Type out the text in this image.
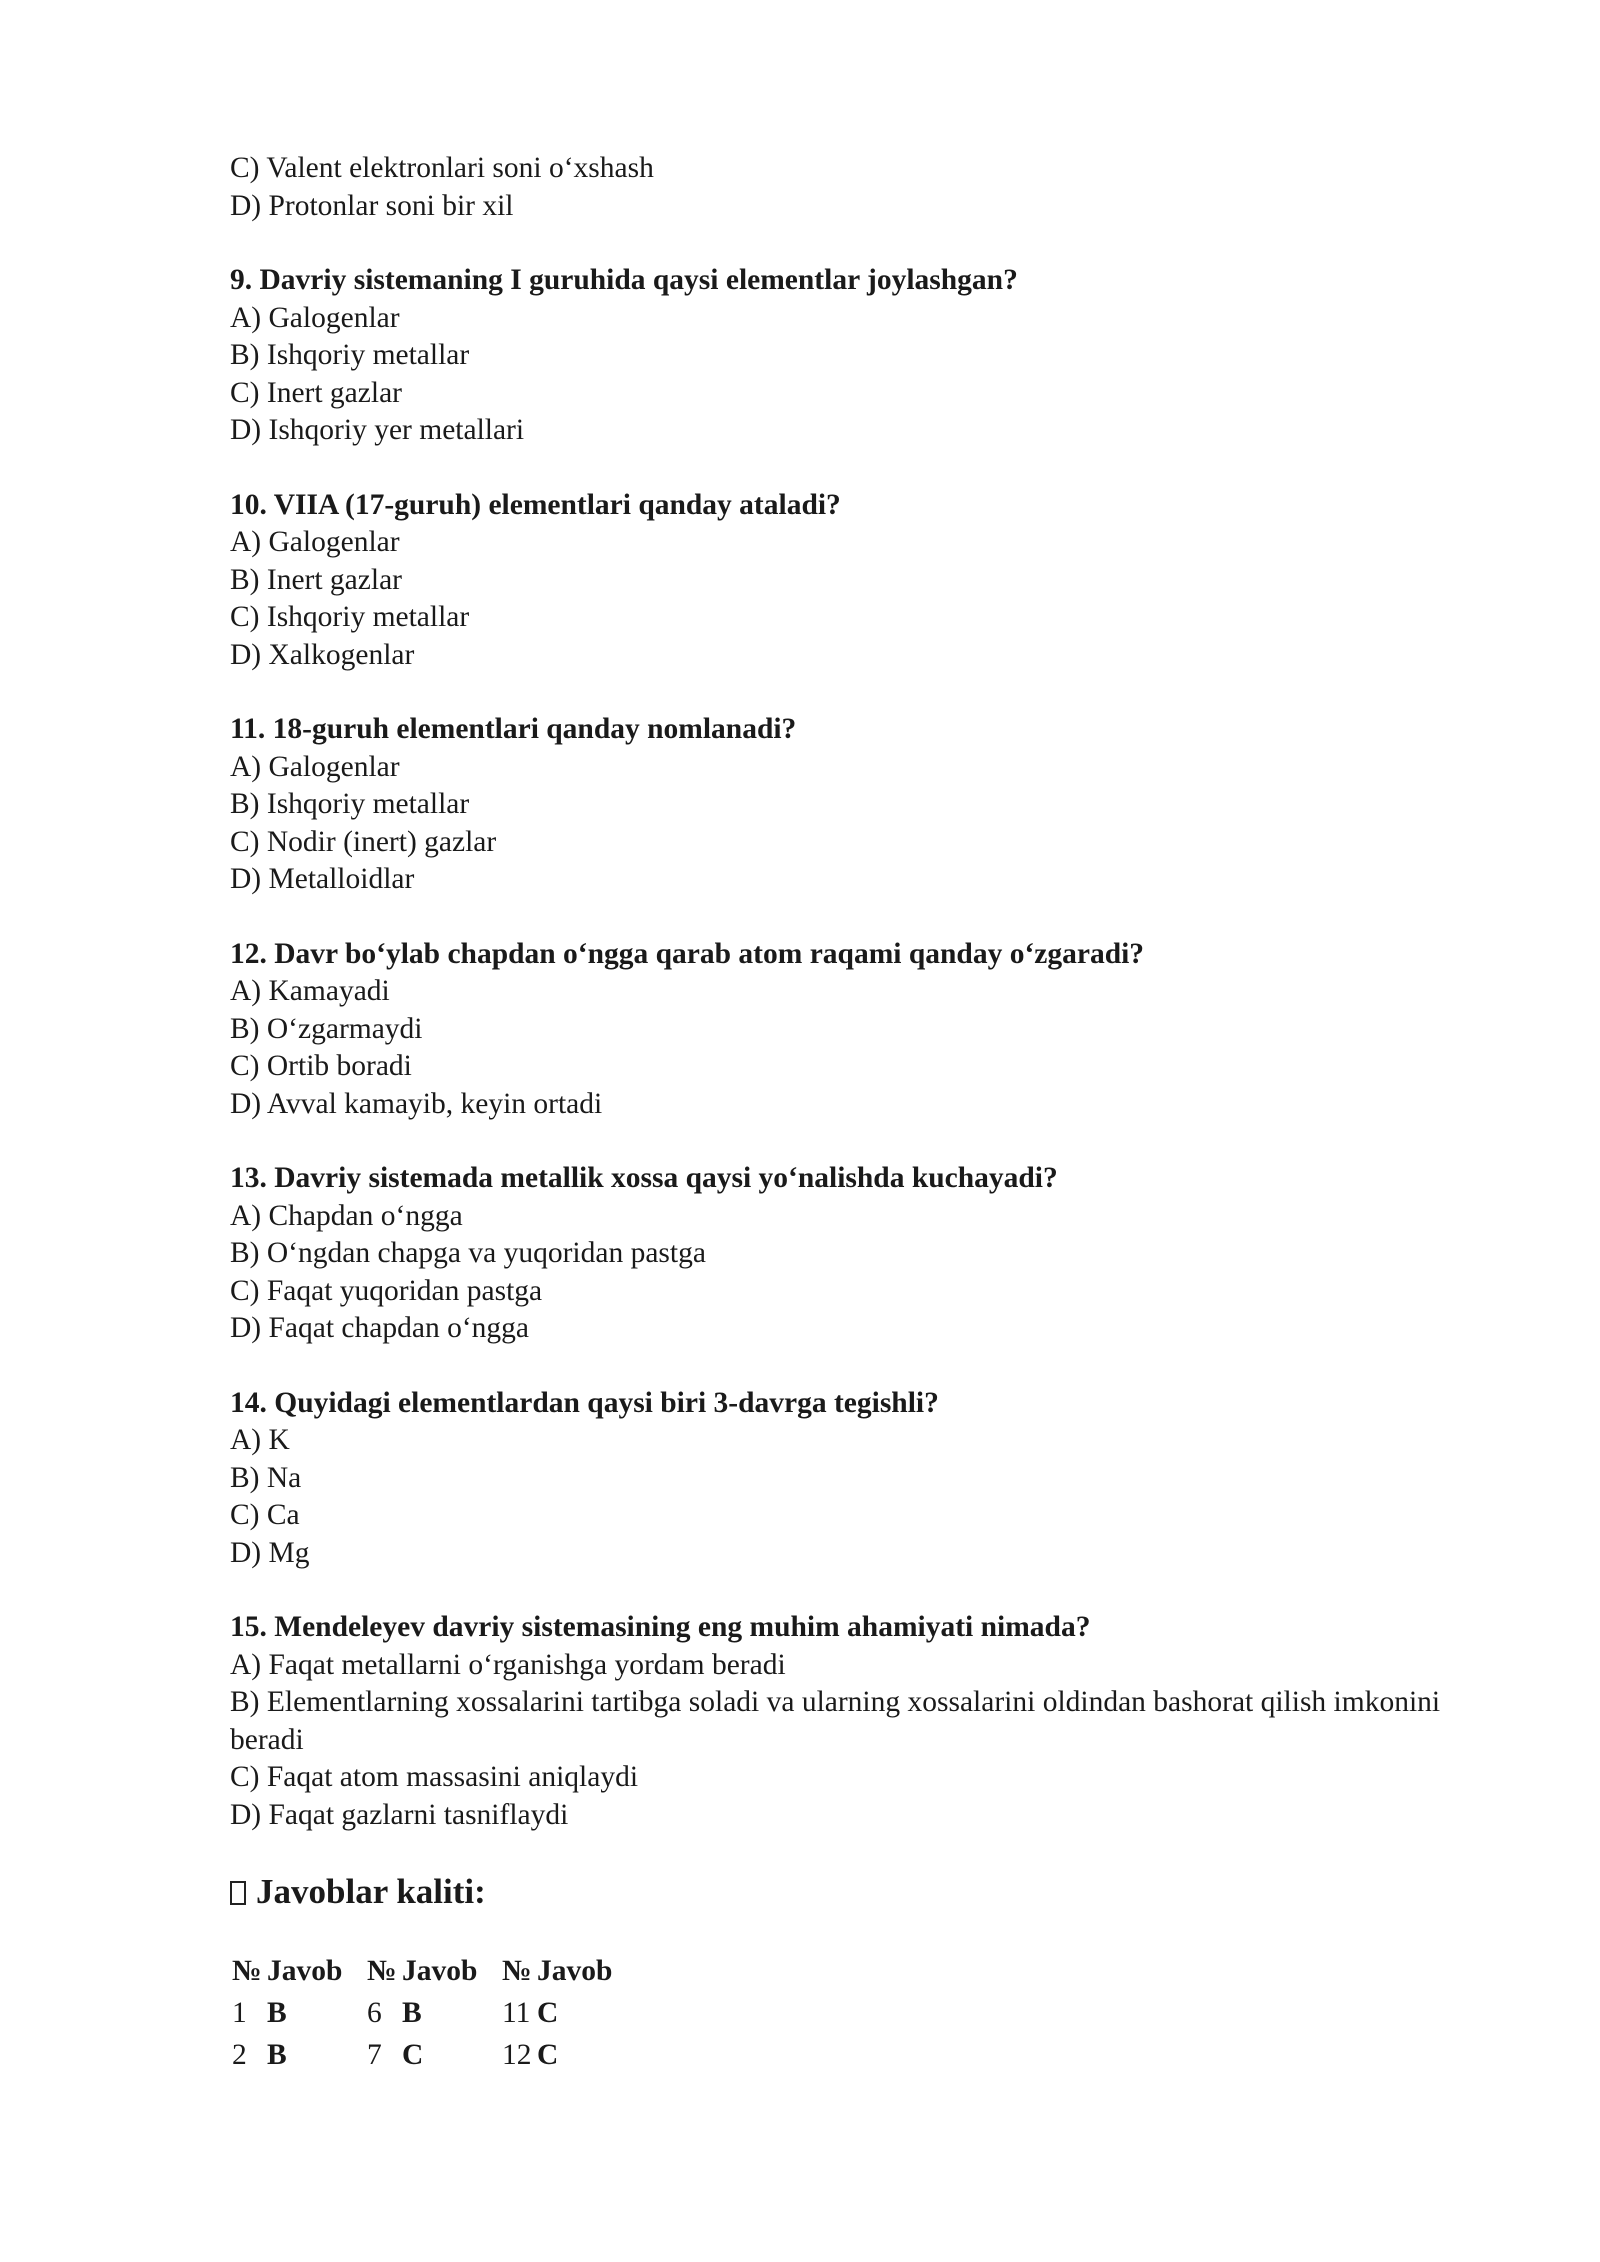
C) Valent elektronlari soni o‘xshash
D) Protonlar soni bir xil
9. Davriy sistemaning I guruhida qaysi elementlar joylashgan?
A) Galogenlar
B) Ishqoriy metallar
C) Inert gazlar
D) Ishqoriy yer metallari
10. VIIA (17-guruh) elementlari qanday ataladi?
A) Galogenlar
B) Inert gazlar
C) Ishqoriy metallar
D) Xalkogenlar
11. 18-guruh elementlari qanday nomlanadi?
A) Galogenlar
B) Ishqoriy metallar
C) Nodir (inert) gazlar
D) Metalloidlar
12. Davr bo‘ylab chapdan o‘ngga qarab atom raqami qanday o‘zgaradi?
A) Kamayadi
B) O‘zgarmaydi
C) Ortib boradi
D) Avval kamayib, keyin ortadi
13. Davriy sistemada metallik xossa qaysi yo‘nalishda kuchayadi?
A) Chapdan o‘ngga
B) O‘ngdan chapga va yuqoridan pastga
C) Faqat yuqoridan pastga
D) Faqat chapdan o‘ngga
14. Quyidagi elementlardan qaysi biri 3-davrga tegishli?
A) K
B) Na
C) Ca
D) Mg
15. Mendeleyev davriy sistemasining eng muhim ahamiyati nimada?
A) Faqat metallarni o‘rganishga yordam beradi
B) Elementlarning xossalarini tartibga soladi va ularning xossalarini oldindan bashorat qilish imkonini beradi
C) Faqat atom massasini aniqlaydi
D) Faqat gazlarni tasniflaydi
Javoblar kaliti:
№	Javob	№	Javob	№	Javob
1	B	6	B	11	C
2	B	7	C	12	C
